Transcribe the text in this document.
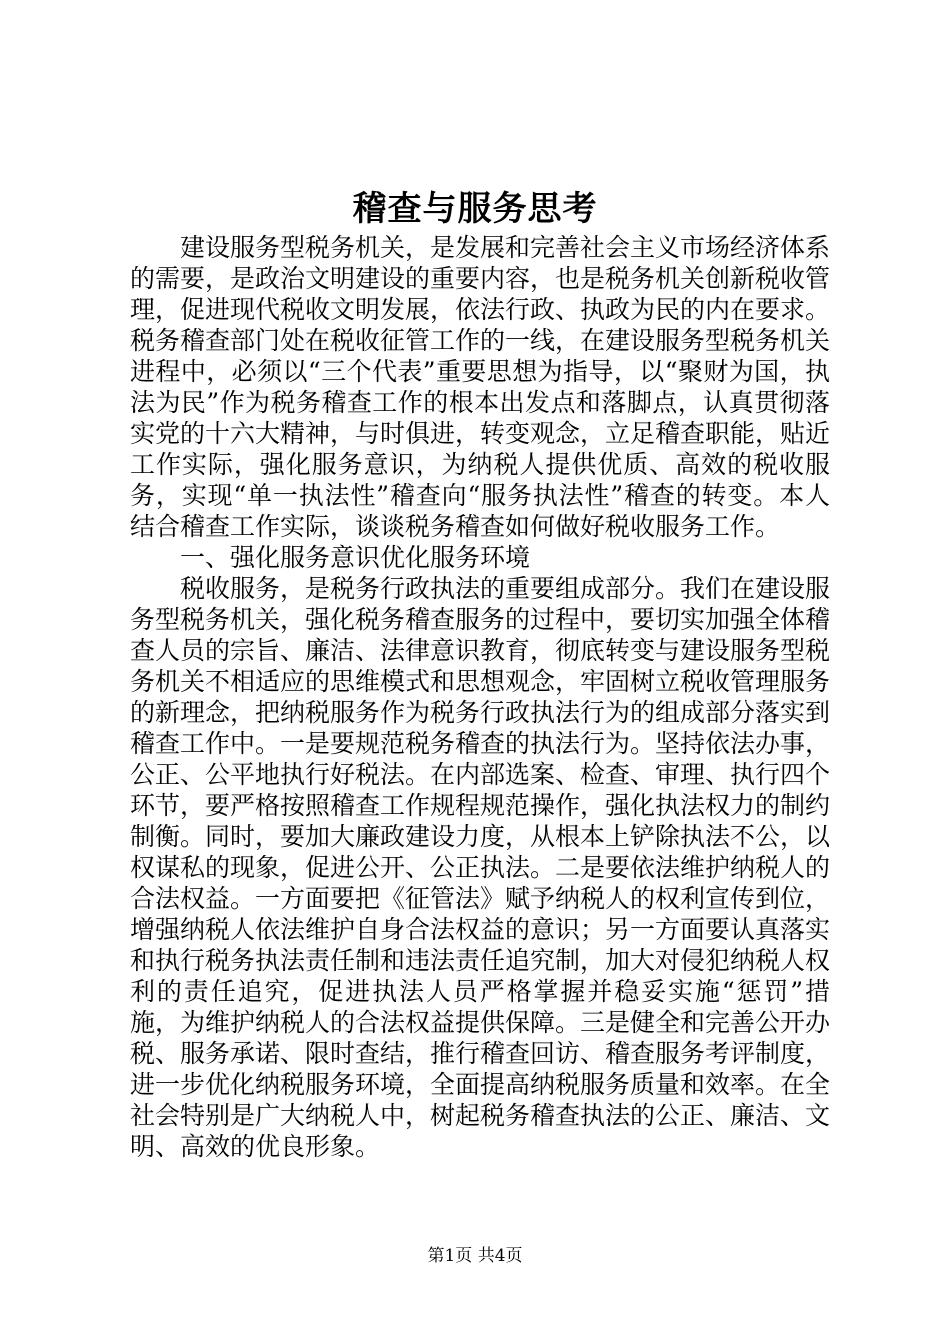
稽查与服务思考

建设服务型税务机关，是发展和完善社会主义市场经济体系的需要，是政治文明建设的重要内容，也是税务机关创新税收管理，促进现代税收文明发展，依法行政、执政为民的内在要求。税务稽查部门处在税收征管工作的一线，在建设服务型税务机关进程中，必须以“三个代表”重要思想为指导，以“聚财为国，执法为民”作为税务稽查工作的根本出发点和落脚点，认真贯彻落实党的十六大精神，与时俱进，转变观念，立足稽查职能，贴近工作实际，强化服务意识，为纳税人提供优质、高效的税收服务，实现“单一执法性”稽查向“服务执法性”稽查的转变。本人结合稽查工作实际，谈谈税务稽查如何做好税收服务工作。

一、强化服务意识优化服务环境

税收服务，是税务行政执法的重要组成部分。我们在建设服务型税务机关，强化税务稽查服务的过程中，要切实加强全体稽查人员的宗旨、廉洁、法律意识教育，彻底转变与建设服务型税务机关不相适应的思维模式和思想观念，牢固树立税收管理服务的新理念，把纳税服务作为税务行政执法行为的组成部分落实到稽查工作中。一是要规范税务稽查的执法行为。坚持依法办事，公正、公平地执行好税法。在内部选案、检查、审理、执行四个环节，要严格按照稽查工作规程规范操作，强化执法权力的制约制衡。同时，要加大廉政建设力度，从根本上铲除执法不公，以权谋私的现象，促进公开、公正执法。二是要依法维护纳税人的合法权益。一方面要把《征管法》赋予纳税人的权利宣传到位，增强纳税人依法维护自身合法权益的意识；另一方面要认真落实和执行税务执法责任制和违法责任追究制，加大对侵犯纳税人权利的责任追究，促进执法人员严格掌握并稳妥实施“惩罚”措施，为维护纳税人的合法权益提供保障。三是健全和完善公开办税、服务承诺、限时查结，推行稽查回访、稽查服务考评制度，进一步优化纳税服务环境，全面提高纳税服务质量和效率。在全社会特别是广大纳税人中，树起税务稽查执法的公正、廉洁、文明、高效的优良形象。

第1页 共4页
